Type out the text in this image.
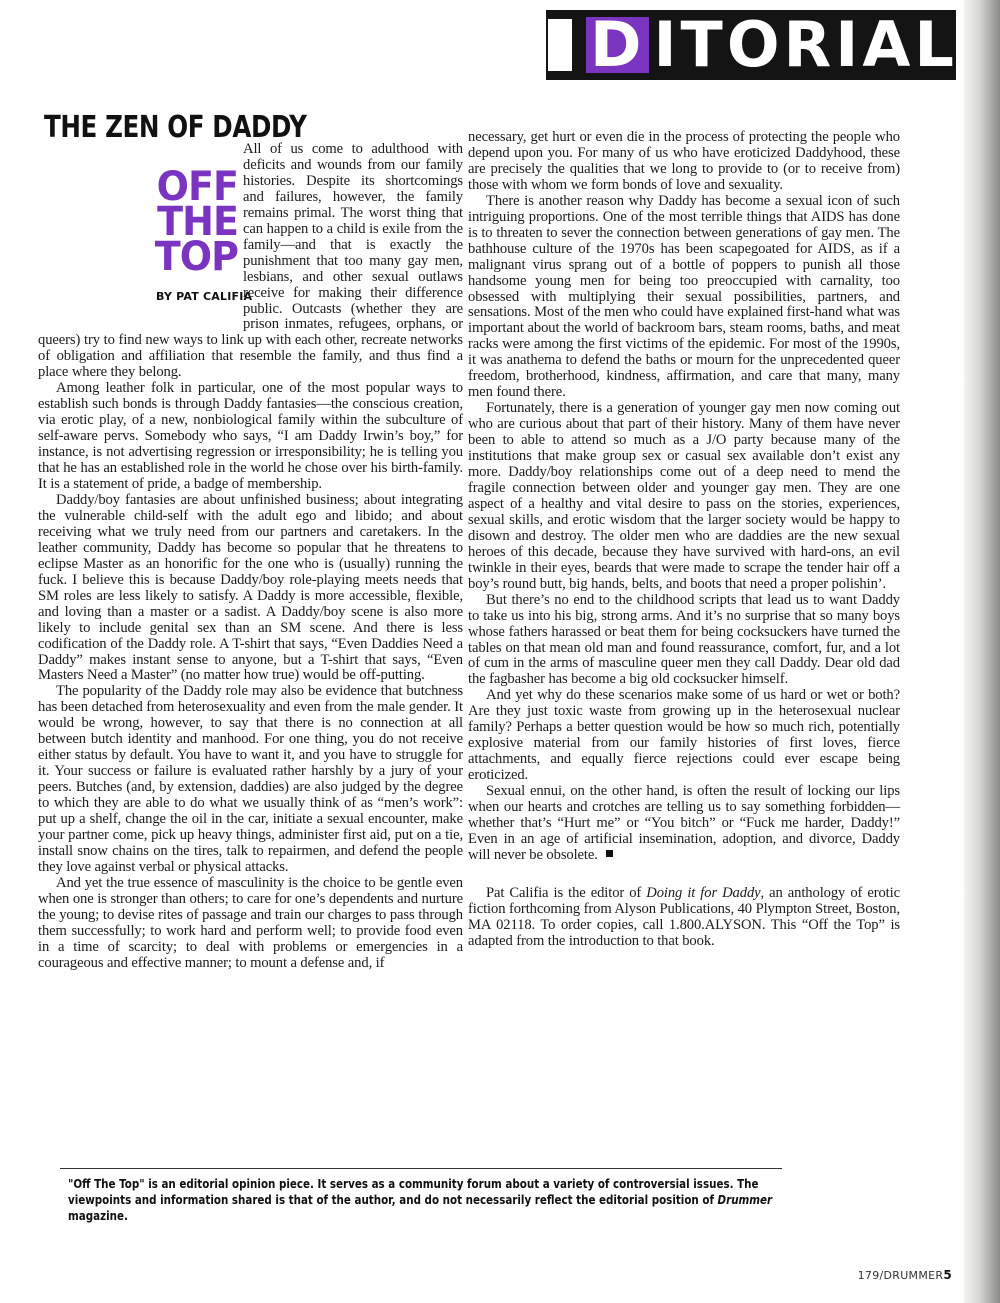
D ITORIAL
THE ZEN OF DADDY
OFF
THE
TOP
BY PAT CALIFIA

All of us come to adulthood with deficits and wounds from our family histories. Despite its shortcomings and failures, however, the family remains primal. The worst thing that can happen to a child is exile from the family—and that is exactly the punishment that too many gay men, lesbians, and other sexual outlaws receive for making their difference public. Outcasts (whether they are prison inmates, refugees, orphans, or queers) try to find new ways to link up with each other, recreate networks of obligation and affiliation that resemble the family, and thus find a place where they belong.

Among leather folk in particular, one of the most popular ways to establish such bonds is through Daddy fantasies—the conscious creation, via erotic play, of a new, nonbiological family within the subculture of self-aware pervs. Somebody who says, “I am Daddy Irwin’s boy,” for instance, is not advertising regression or irresponsibility; he is telling you that he has an established role in the world he chose over his birth-family. It is a statement of pride, a badge of membership.

Daddy/boy fantasies are about unfinished business; about integrating the vulnerable child-self with the adult ego and libido; and about receiving what we truly need from our partners and caretakers. In the leather community, Daddy has become so popular that he threatens to eclipse Master as an honorific for the one who is (usually) running the fuck. I believe this is because Daddy/boy role-playing meets needs that SM roles are less likely to satisfy. A Daddy is more accessible, flexible, and loving than a master or a sadist. A Daddy/boy scene is also more likely to include genital sex than an SM scene. And there is less codification of the Daddy role. A T-shirt that says, “Even Daddies Need a Daddy” makes instant sense to anyone, but a T-shirt that says, “Even Masters Need a Master” (no matter how true) would be off-putting.

The popularity of the Daddy role may also be evidence that butchness has been detached from heterosexuality and even from the male gender. It would be wrong, however, to say that there is no connection at all between butch identity and manhood. For one thing, you do not receive either status by default. You have to want it, and you have to struggle for it. Your success or failure is evaluated rather harshly by a jury of your peers. Butches (and, by extension, daddies) are also judged by the degree to which they are able to do what we usually think of as “men’s work”: put up a shelf, change the oil in the car, initiate a sexual encounter, make your partner come, pick up heavy things, administer first aid, put on a tie, install snow chains on the tires, talk to repairmen, and defend the people they love against verbal or physical attacks.

And yet the true essence of masculinity is the choice to be gentle even when one is stronger than others; to care for one’s dependents and nurture the young; to devise rites of passage and train our charges to pass through them successfully; to work hard and perform well; to provide food even in a time of scarcity; to deal with problems or emergencies in a courageous and effective manner; to mount a defense and, if

necessary, get hurt or even die in the process of protecting the people who depend upon you. For many of us who have eroticized Daddyhood, these are precisely the qualities that we long to provide to (or to receive from) those with whom we form bonds of love and sexuality.

There is another reason why Daddy has become a sexual icon of such intriguing proportions. One of the most terrible things that AIDS has done is to threaten to sever the connection between generations of gay men. The bathhouse culture of the 1970s has been scapegoated for AIDS, as if a malignant virus sprang out of a bottle of poppers to punish all those handsome young men for being too preoccupied with carnality, too obsessed with multiplying their sexual possibilities, partners, and sensations. Most of the men who could have explained first-hand what was important about the world of backroom bars, steam rooms, baths, and meat racks were among the first victims of the epidemic. For most of the 1990s, it was anathema to defend the baths or mourn for the unprecedented queer freedom, brotherhood, kindness, affirmation, and care that many, many men found there.

Fortunately, there is a generation of younger gay men now coming out who are curious about that part of their history. Many of them have never been to able to attend so much as a J/O party because many of the institutions that make group sex or casual sex available don’t exist any more. Daddy/boy relationships come out of a deep need to mend the fragile connection between older and younger gay men. They are one aspect of a healthy and vital desire to pass on the stories, experiences, sexual skills, and erotic wisdom that the larger society would be happy to disown and destroy. The older men who are daddies are the new sexual heroes of this decade, because they have survived with hard-ons, an evil twinkle in their eyes, beards that were made to scrape the tender hair off a boy’s round butt, big hands, belts, and boots that need a proper polishin’.

But there’s no end to the childhood scripts that lead us to want Daddy to take us into his big, strong arms. And it’s no surprise that so many boys whose fathers harassed or beat them for being cocksuckers have turned the tables on that mean old man and found reassurance, comfort, fur, and a lot of cum in the arms of masculine queer men they call Daddy. Dear old dad the fagbasher has become a big old cocksucker himself.

And yet why do these scenarios make some of us hard or wet or both? Are they just toxic waste from growing up in the heterosexual nuclear family? Perhaps a better question would be how so much rich, potentially explosive material from our family histories of first loves, fierce attachments, and equally fierce rejections could ever escape being eroticized.

Sexual ennui, on the other hand, is often the result of locking our lips when our hearts and crotches are telling us to say something forbidden—whether that’s “Hurt me” or “You bitch” or “Fuck me harder, Daddy!” Even in an age of artificial insemination, adoption, and divorce, Daddy will never be obsolete.

Pat Califia is the editor of Doing it for Daddy, an anthology of erotic fiction forthcoming from Alyson Publications, 40 Plympton Street, Boston, MA 02118. To order copies, call 1.800.ALYSON. This “Off the Top” is adapted from the introduction to that book.

"Off The Top" is an editorial opinion piece. It serves as a community forum about a variety of controversial issues. The viewpoints and information shared is that of the author, and do not necessarily reflect the editorial position of Drummer magazine.
179/DRUMMER5
